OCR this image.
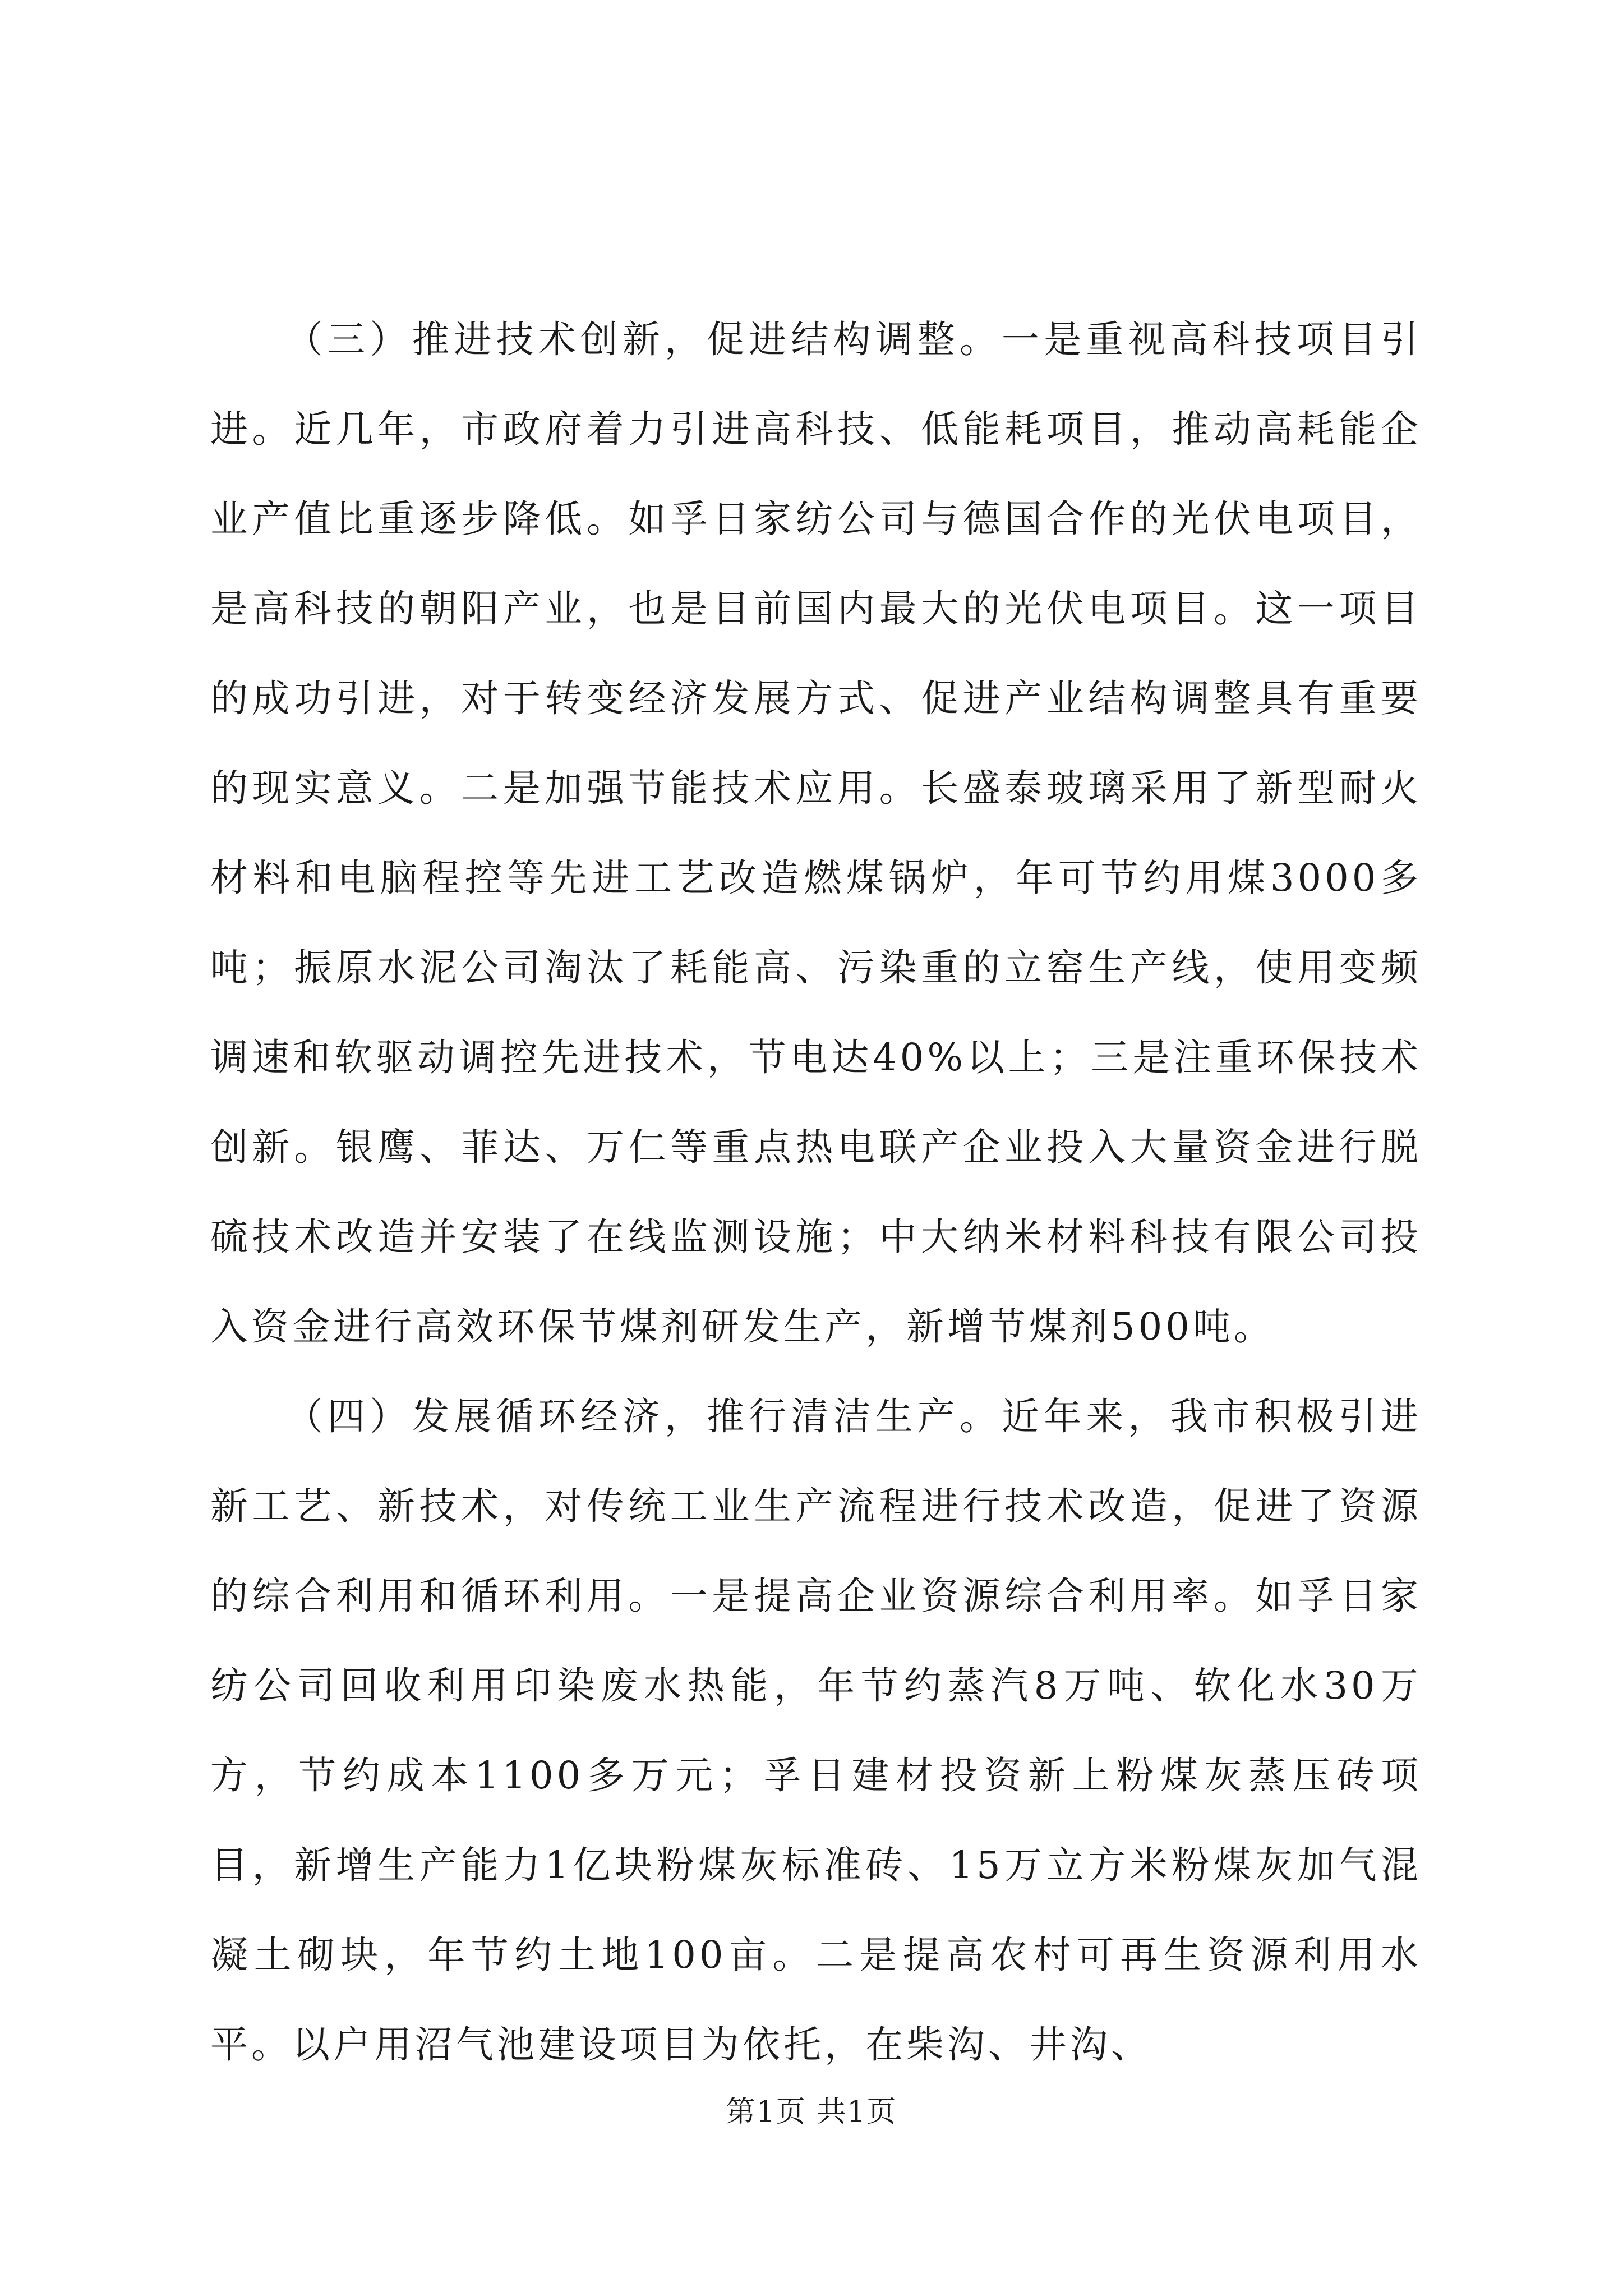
（三）推进技术创新，促进结构调整。一是重视高科技项目引进。近几年，市政府着力引进高科技、低能耗项目，推动高耗能企业产值比重逐步降低。如孚日家纺公司与德国合作的光伏电项目，是高科技的朝阳产业，也是目前国内最大的光伏电项目。这一项目的成功引进，对于转变经济发展方式、促进产业结构调整具有重要的现实意义。二是加强节能技术应用。长盛泰玻璃采用了新型耐火材料和电脑程控等先进工艺改造燃煤锅炉，年可节约用煤3000多吨；振原水泥公司淘汰了耗能高、污染重的立窑生产线，使用变频调速和软驱动调控先进技术，节电达40%以上；三是注重环保技术创新。银鹰、菲达、万仁等重点热电联产企业投入大量资金进行脱硫技术改造并安装了在线监测设施；中大纳米材料科技有限公司投入资金进行高效环保节煤剂研发生产，新增节煤剂500吨。

（四）发展循环经济，推行清洁生产。近年来，我市积极引进新工艺、新技术，对传统工业生产流程进行技术改造，促进了资源的综合利用和循环利用。一是提高企业资源综合利用率。如孚日家纺公司回收利用印染废水热能，年节约蒸汽8万吨、软化水30万方，节约成本1100多万元；孚日建材投资新上粉煤灰蒸压砖项目，新增生产能力1亿块粉煤灰标准砖、15万立方米粉煤灰加气混凝土砌块，年节约土地100亩。二是提高农村可再生资源利用水平。以户用沼气池建设项目为依托，在柴沟、井沟、

第1页 共1页
